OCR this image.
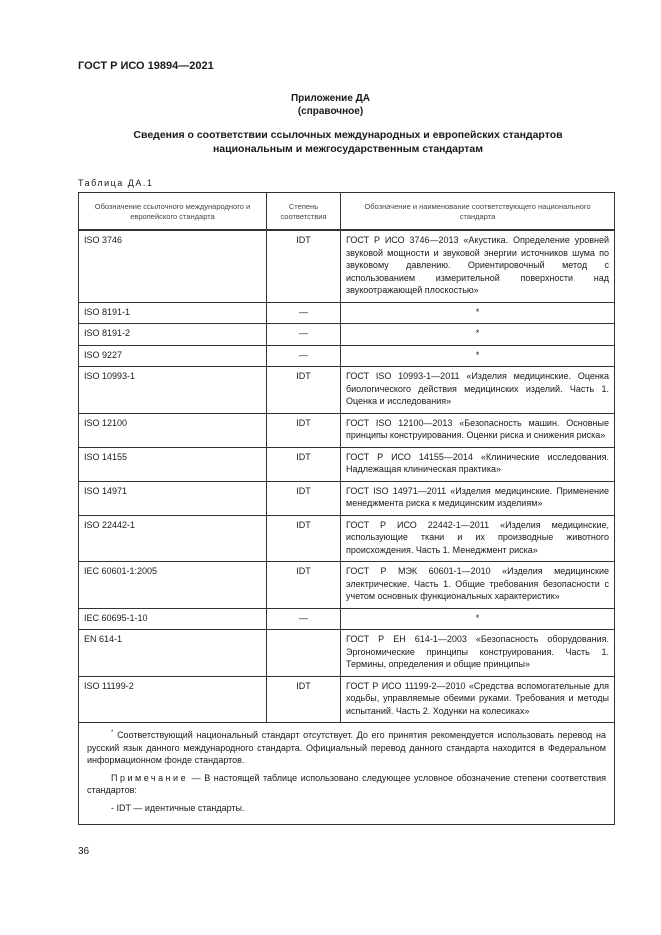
ГОСТ Р ИСО 19894—2021
Приложение ДА
(справочное)
Сведения о соответствии ссылочных международных и европейских стандартов
национальным и межгосударственным стандартам
Таблица ДА.1
Обозначение ссылочного международного и европейского стандарта	Степень соответствия	Обозначение и наименование соответствующего национального стандарта
ISO 3746	IDT	ГОСТ Р ИСО 3746—2013 «Акустика. Определение уровней звуковой мощности и звуковой энергии источников шума по звуковому давлению. Ориентировочный метод с использованием измерительной поверхности над звукоотражающей плоскостью»
ISO 8191-1	—	*
ISO 8191-2	—	*
ISO 9227	—	*
ISO 10993-1	IDT	ГОСТ ISO 10993-1—2011 «Изделия медицинские. Оценка биологического действия медицинских изделий. Часть 1. Оценка и исследования»
ISO 12100	IDT	ГОСТ ISO 12100—2013 «Безопасность машин. Основные принципы конструирования. Оценки риска и снижения риска»
ISO 14155	IDT	ГОСТ Р ИСО 14155—2014 «Клинические исследования. Надлежащая клиническая практика»
ISO 14971	IDT	ГОСТ ISO 14971—2011 «Изделия медицинские. Применение менеджмента риска к медицинским изделиям»
ISO 22442-1	IDT	ГОСТ Р ИСО 22442-1—2011 «Изделия медицинские, использующие ткани и их производные животного происхождения. Часть 1. Менеджмент риска»
IEC 60601-1:2005	IDT	ГОСТ Р МЭК 60601-1—2010 «Изделия медицинские электрические. Часть 1. Общие требования безопасности с учетом основных функциональных характеристик»
IEC 60695-1-10	—	*
EN 614-1		ГОСТ Р ЕН 614-1—2003 «Безопасность оборудования. Эргономические принципы конструирования. Часть 1. Термины, определения и общие принципы»
ISO 11199-2	IDT	ГОСТ Р ИСО 11199-2—2010 «Средства вспомогательные для ходьбы, управляемые обеими руками. Требования и методы испытаний. Часть 2. Ходунки на колесиках»

* Соответствующий национальный стандарт отсутствует. До его принятия рекомендуется использовать перевод на русский язык данного международного стандарта. Официальный перевод данного стандарта находится в Федеральном информационном фонде стандартов.

Примечание — В настоящей таблице использовано следующее условное обозначение степени соответствия стандартов:

- IDT — идентичные стандарты.		

36
